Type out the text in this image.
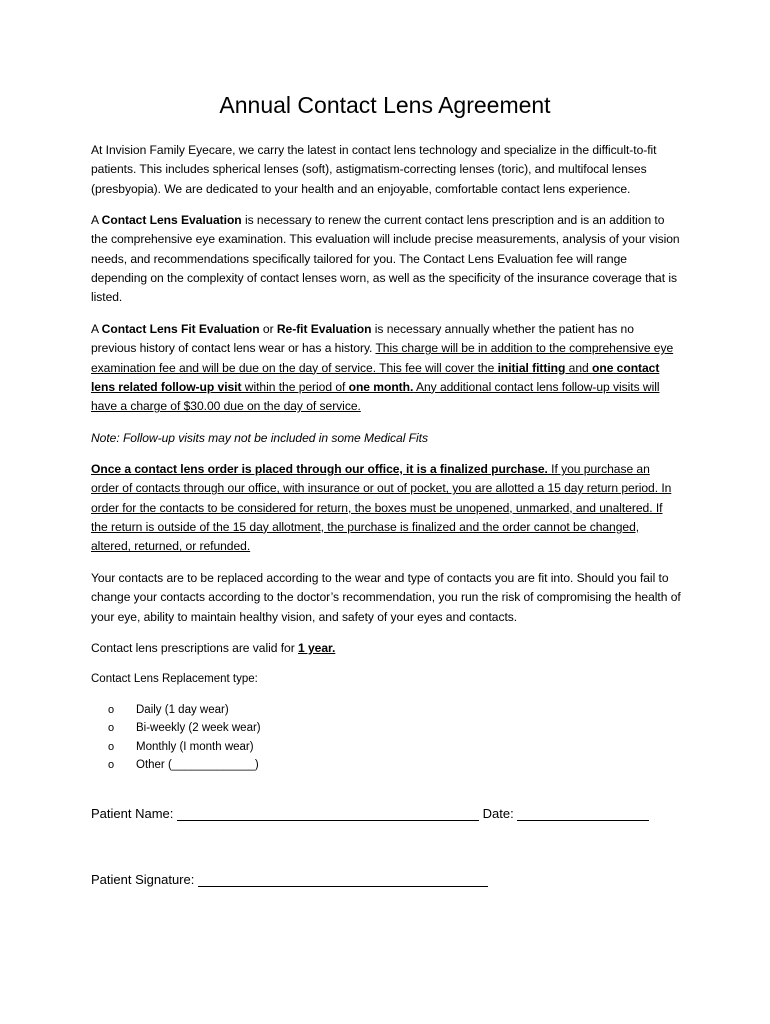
Annual Contact Lens Agreement

At Invision Family Eyecare, we carry the latest in contact lens technology and specialize in the difficult-to-fit patients. This includes spherical lenses (soft), astigmatism-correcting lenses (toric), and multifocal lenses (presbyopia). We are dedicated to your health and an enjoyable, comfortable contact lens experience.

A Contact Lens Evaluation is necessary to renew the current contact lens prescription and is an addition to the comprehensive eye examination. This evaluation will include precise measurements, analysis of your vision needs, and recommendations specifically tailored for you. The Contact Lens Evaluation fee will range depending on the complexity of contact lenses worn, as well as the specificity of the insurance coverage that is listed.

A Contact Lens Fit Evaluation or Re-fit Evaluation is necessary annually whether the patient has no previous history of contact lens wear or has a history. This charge will be in addition to the comprehensive eye examination fee and will be due on the day of service. This fee will cover the initial fitting and one contact lens related follow-up visit within the period of one month. Any additional contact lens follow-up visits will have a charge of $30.00 due on the day of service.

Note: Follow-up visits may not be included in some Medical Fits

Once a contact lens order is placed through our office, it is a finalized purchase. If you purchase an order of contacts through our office, with insurance or out of pocket, you are allotted a 15 day return period. In order for the contacts to be considered for return, the boxes must be unopened, unmarked, and unaltered. If the return is outside of the 15 day allotment, the purchase is finalized and the order cannot be changed, altered, returned, or refunded.

Your contacts are to be replaced according to the wear and type of contacts you are fit into. Should you fail to change your contacts according to the doctor’s recommendation, you run the risk of compromising the health of your eye, ability to maintain healthy vision, and safety of your eyes and contacts.

Contact lens prescriptions are valid for 1 year.

Contact Lens Replacement type:

o	Daily (1 day wear)
o	Bi-weekly (2 week wear)
o	Monthly (I month wear)
o	Other (_____________)

Patient Name:	Date:

Patient Signature:
